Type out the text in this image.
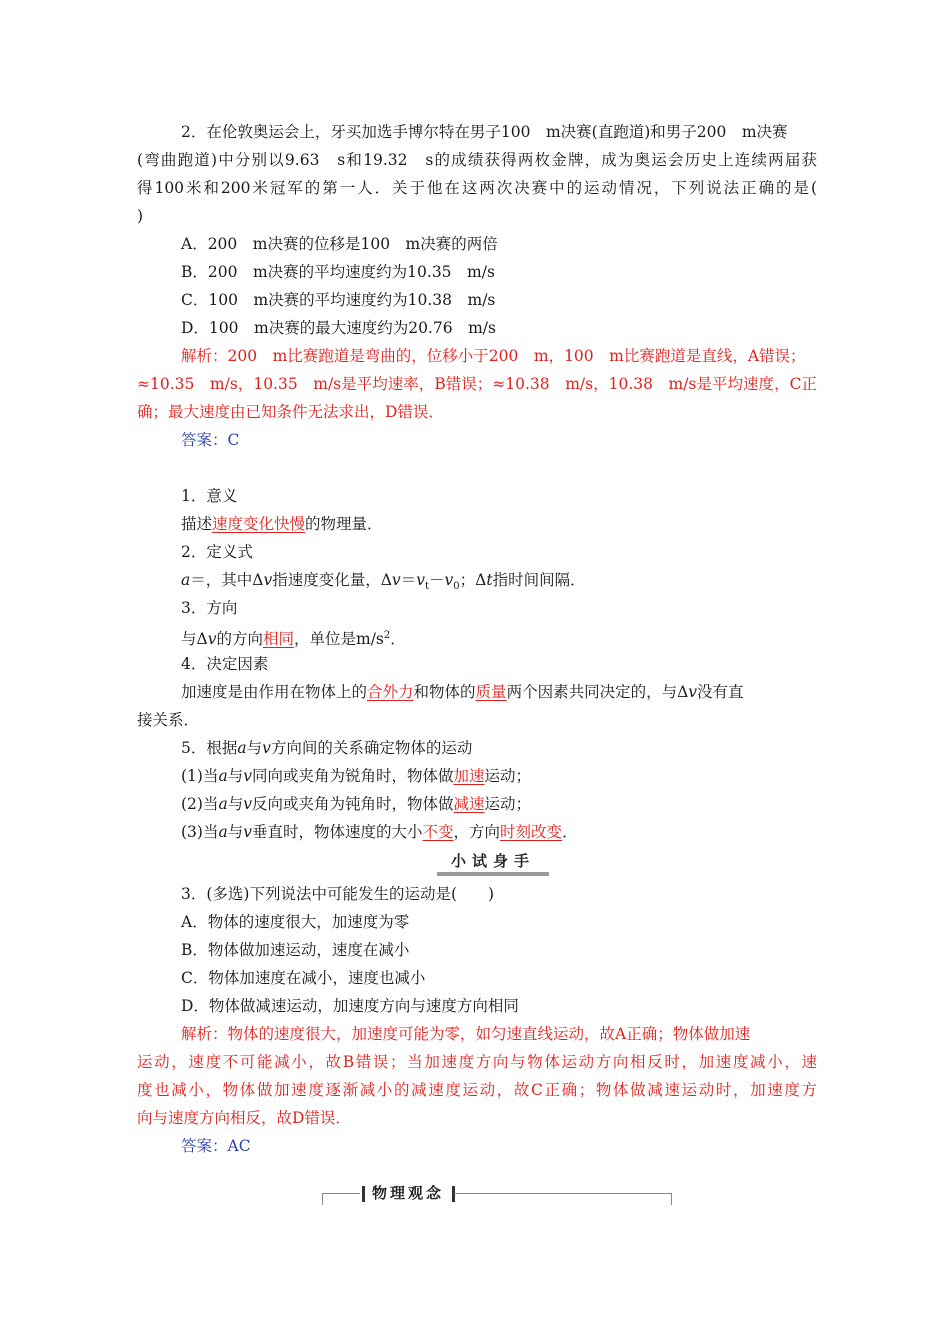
2．在伦敦奥运会上，牙买加选手博尔特在男子100　m决赛(直跑道)和男子200　m决赛
(弯曲跑道)中分别以9.63　s和19.32　s的成绩获得两枚金牌，成为奥运会历史上连续两届获
得100米和200米冠军的第一人．关于他在这两次决赛中的运动情况，下列说法正确的是(
)
A．200　m决赛的位移是100　m决赛的两倍
B．200　m决赛的平均速度约为10.35　m/s
C．100　m决赛的平均速度约为10.38　m/s
D．100　m决赛的最大速度约为20.76　m/s
解析：200　m比赛跑道是弯曲的，位移小于200　m，100　m比赛跑道是直线，A错误；
≈10.35　m/s，10.35　m/s是平均速率，B错误；≈10.38　m/s，10.38　m/s是平均速度，C正
确；最大速度由已知条件无法求出，D错误．
答案：C
1．意义
描述速度变化快慢的物理量．
2．定义式
a＝，其中Δv指速度变化量，$\Delta v=v_t-v_0$；Δt指时间间隔．
3．方向
与Δv的方向相同，单位是$m/s^2$．
4．决定因素
加速度是由作用在物体上的合外力和物体的质量两个因素共同决定的，与Δv没有直
接关系．
5．根据a与v方向间的关系确定物体的运动
(1)当a与v同向或夹角为锐角时，物体做加速运动；
(2)当a与v反向或夹角为钝角时，物体做减速运动；
(3)当a与v垂直时，物体速度的大小不变，方向时刻改变．
小试身手
3．(多选)下列说法中可能发生的运动是(　　)
A．物体的速度很大，加速度为零
B．物体做加速运动，速度在减小
C．物体加速度在减小，速度也减小
D．物体做减速运动，加速度方向与速度方向相同
解析：物体的速度很大，加速度可能为零，如匀速直线运动，故A正确；物体做加速
运动，速度不可能减小，故B错误；当加速度方向与物体运动方向相反时，加速度减小，速
度也减小，物体做加速度逐渐减小的减速度运动，故C正确；物体做减速运动时，加速度方
向与速度方向相反，故D错误．
答案：AC
物理观念
